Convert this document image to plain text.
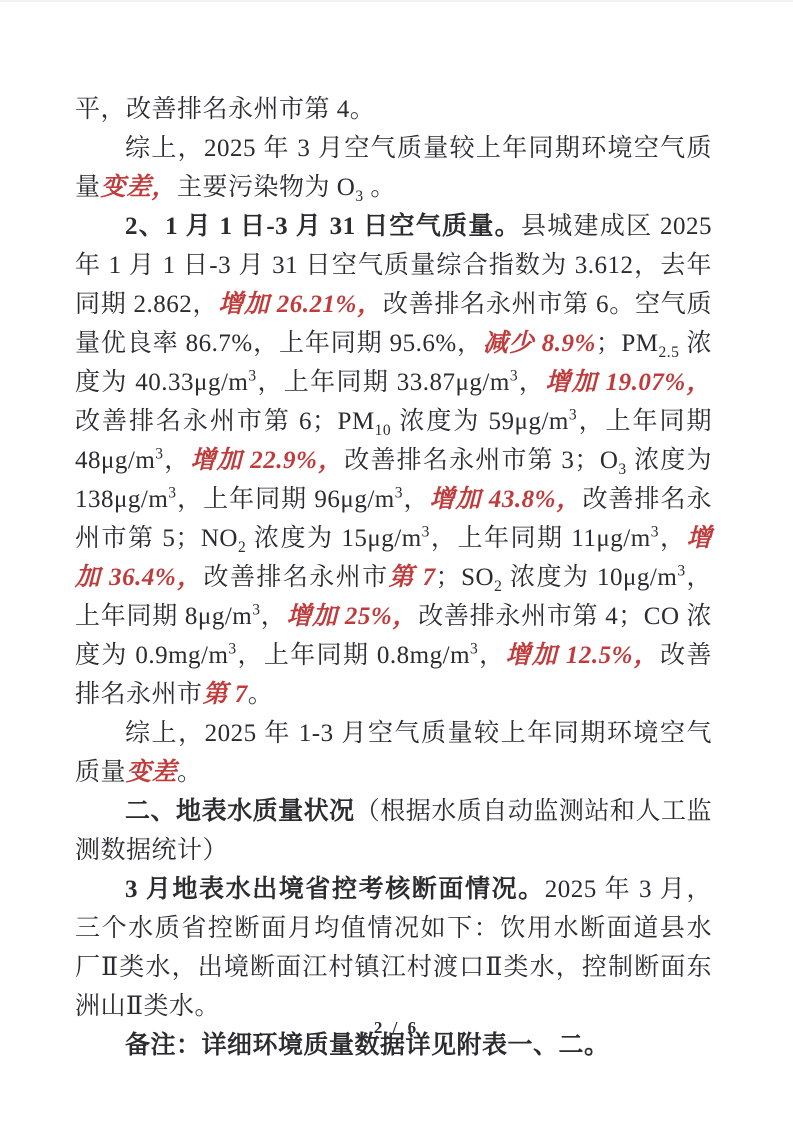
平，改善排名永州市第 4。

综上，2025 年 3 月空气质量较上年同期环境空气质量变差，主要污染物为 $O_3$ 。

2、1 月 1 日-3 月 31 日空气质量。县城建成区 2025 年 1 月 1 日-3 月 31 日空气质量综合指数为 3.612，去年同期 2.862，增加 26.21%，改善排名永州市第 6。空气质量优良率 86.7%，上年同期 95.6%，减少 8.9%；$PM_{2.5}$ 浓度为 $40.33\mu g/m^3$，上年同期 $33.87\mu g/m^3$，增加 19.07%，改善排名永州市第 6；$PM_{10}$ 浓度为 $59\mu g/m^3$，上年同期 $48\mu g/m^3$，增加 22.9%，改善排名永州市第 3；$O_3$ 浓度为 $138\mu g/m^3$，上年同期 $96\mu g/m^3$，增加 43.8%，改善排名永州市第 5；$NO_2$ 浓度为 $15\mu g/m^3$，上年同期 $11\mu g/m^3$，增加 36.4%，改善排名永州市第 7；$SO_2$ 浓度为 $10\mu g/m^3$，上年同期 $8\mu g/m^3$，增加 25%，改善排永州市第 4；CO 浓度为 $0.9mg/m^3$，上年同期 $0.8mg/m^3$，增加 12.5%，改善排名永州市第 7。

综上，2025 年 1-3 月空气质量较上年同期环境空气质量变差。

二、地表水质量状况（根据水质自动监测站和人工监测数据统计）

3 月地表水出境省控考核断面情况。2025 年 3 月，三个水质省控断面月均值情况如下：饮用水断面道县水厂Ⅱ类水，出境断面江村镇江村渡口Ⅱ类水，控制断面东洲山Ⅱ类水。

备注：详细环境质量数据详见附表一、二。

2 / 6
